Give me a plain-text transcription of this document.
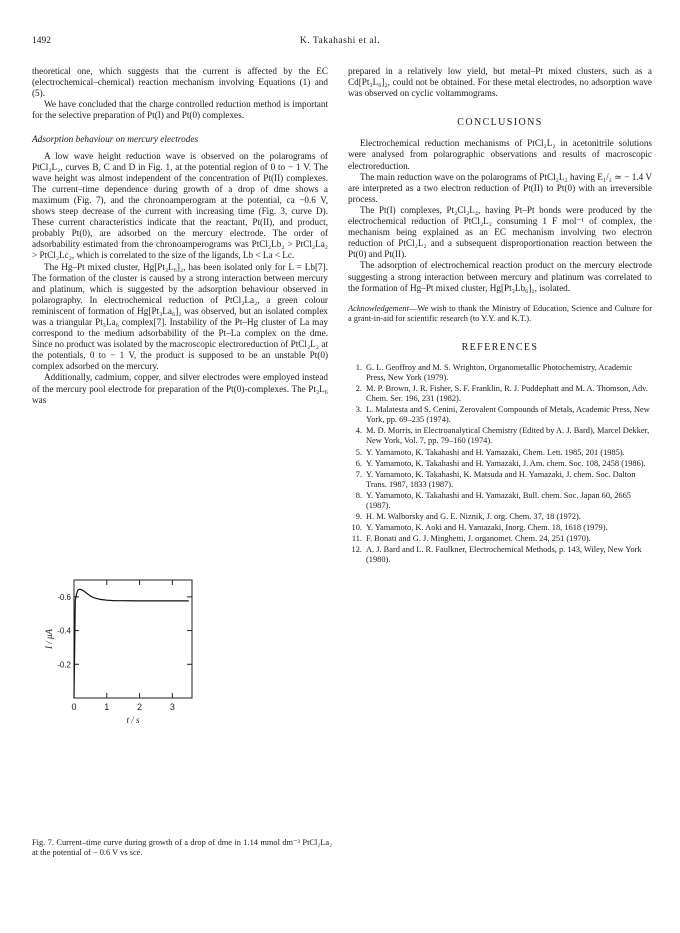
1492	K. Takahashi et al.

theoretical one, which suggests that the current is affected by the EC (electrochemical–chemical) reaction mechanism involving Equations (1) and (5).

We have concluded that the charge controlled reduction method is important for the selective preparation of Pt(I) and Pt(0) complexes.

Adsorption behaviour on mercury electrodes

A low wave height reduction wave is observed on the polarograms of PtCl₂L₂, curves B, C and D in Fig. 1, at the potential region of 0 to − 1 V. The wave height was almost independent of the concentration of Pt(II) complexes. The current–time dependence during growth of a drop of dme shows a maximum (Fig. 7), and the chronoamperogram at the potential, ca −0.6 V, shows steep decrease of the current with increasing time (Fig. 3, curve D). These current characteristics indicate that the reactant, Pt(II), and product, probably Pt(0), are adsorbed on the mercury electrode. The order of adsorbability estimated from the chronoamperograms was PtCl₂Lb₂ > PtCl₂La₂ > PtCl₂Lc₂, which is correlated to the size of the ligands, Lb < La < Lc.

The Hg–Pt mixed cluster, Hg[Pt₃L₆]₂, has been isolated only for L = Lb[7]. The formation of the cluster is caused by a strong interaction between mercury and platinum, which is suggested by the adsorption behaviour observed in polarography. In electrochemical reduction of PtCl₂La₂, a green colour reminiscent of formation of Hg[Pt₃La₆]₂ was observed, but an isolated complex was a triangular Pt₃La₆ complex[7]. Instability of the Pt–Hg cluster of La may correspond to the medium adsorbability of the Pt–La complex on the dme. Since no product was isolated by the macroscopic electroreduction of PtCl₂L₂ at the potentials, 0 to − 1 V, the product is supposed to be an unstable Pt(0) complex adsorbed on the mercury.

Additionally, cadmium, copper, and silver electrodes were employed instead of the mercury pool electrode for preparation of the Pt(0)-complexes. The Pt₃L₆ was

0	1	2	3
-0.2
-0.4
-0.6
I / μA
t / s
Fig. 7. Current–time curve during growth of a drop of dme in 1.14 mmol dm⁻³ PtCl₂La₂ at the potential of − 0.6 V vs sce.

prepared in a relatively low yield, but metal–Pt mixed clusters, such as a Cd[Pt₃L₆]₂, could not be obtained. For these metal electrodes, no adsorption wave was observed on cyclic voltammograms.

CONCLUSIONS

Electrochemical reduction mechanisms of PtCl₂L₂ in acetonitrile solutions were analysed from polarographic observations and results of macroscopic electroreduction.

The main reduction wave on the polarograms of PtCl₂L₂ having E₁/₂ ≃ − 1.4 V are interpreted as a two electron reduction of Pt(II) to Pt(0) with an irreversible process.

The Pt(I) complexes, Pt₂Cl₂L₄, having Pt–Pt bonds were produced by the electrochemical reduction of PtCl₂L₂ consuming 1 F mol⁻¹ of complex, the mechanism being explained as an EC mechanism involving two electron reduction of PtCl₂L₂ and a subsequent disproportionation reaction between the Pt(0) and Pt(II).

The adsorption of electrochemical reaction product on the mercury electrode suggesting a strong interaction between mercury and platinum was correlated to the formation of Hg–Pt mixed cluster, Hg[Pt₃Lb₆]₂, isolated.

Acknowledgement—We wish to thank the Ministry of Education, Science and Culture for a grant-in-aid for scientific research (to Y.Y. and K.T.).

REFERENCES
1. G. L. Geoffroy and M. S. Wrighton, Organometallic Photochemistry, Academic Press, New York (1979).
2. M. P. Brown, J. R. Fisher, S. F. Franklin, R. J. Puddephatt and M. A. Thomson, Adv. Chem. Ser. 196, 231 (1982).
3. L. Malatesta and S. Cenini, Zerovalent Compounds of Metals, Academic Press, New York, pp. 69–235 (1974).
4. M. D. Morris, in Electroanalytical Chemistry (Edited by A. J. Bard), Marcel Dekker, New York, Vol. 7, pp. 79–160 (1974).
5. Y. Yamamoto, K. Takahashi and H. Yamazaki, Chem. Lett. 1985, 201 (1985).
6. Y. Yamamoto, K. Takahashi and H. Yamazaki, J. Am. chem. Soc. 108, 2458 (1986).
7. Y. Yamamoto, K. Takahashi, K. Matsuda and H. Yamazaki, J. chem. Soc. Dalton Trans. 1987, 1833 (1987).
8. Y. Yamamoto, K. Takahashi and H. Yamazaki, Bull. chem. Soc. Japan 60, 2665 (1987).
9. H. M. Walborsky and G. E. Niznik, J. org. Chem. 37, 18 (1972).
10. Y. Yamamoto, K. Aoki and H. Yamazaki, Inorg. Chem. 18, 1618 (1979).
11. F. Bonati and G. J. Minghetti, J. organomet. Chem. 24, 251 (1970).
12. A. J. Bard and L. R. Faulkner, Electrochemical Methods, p. 143, Wiley, New York (1980).
